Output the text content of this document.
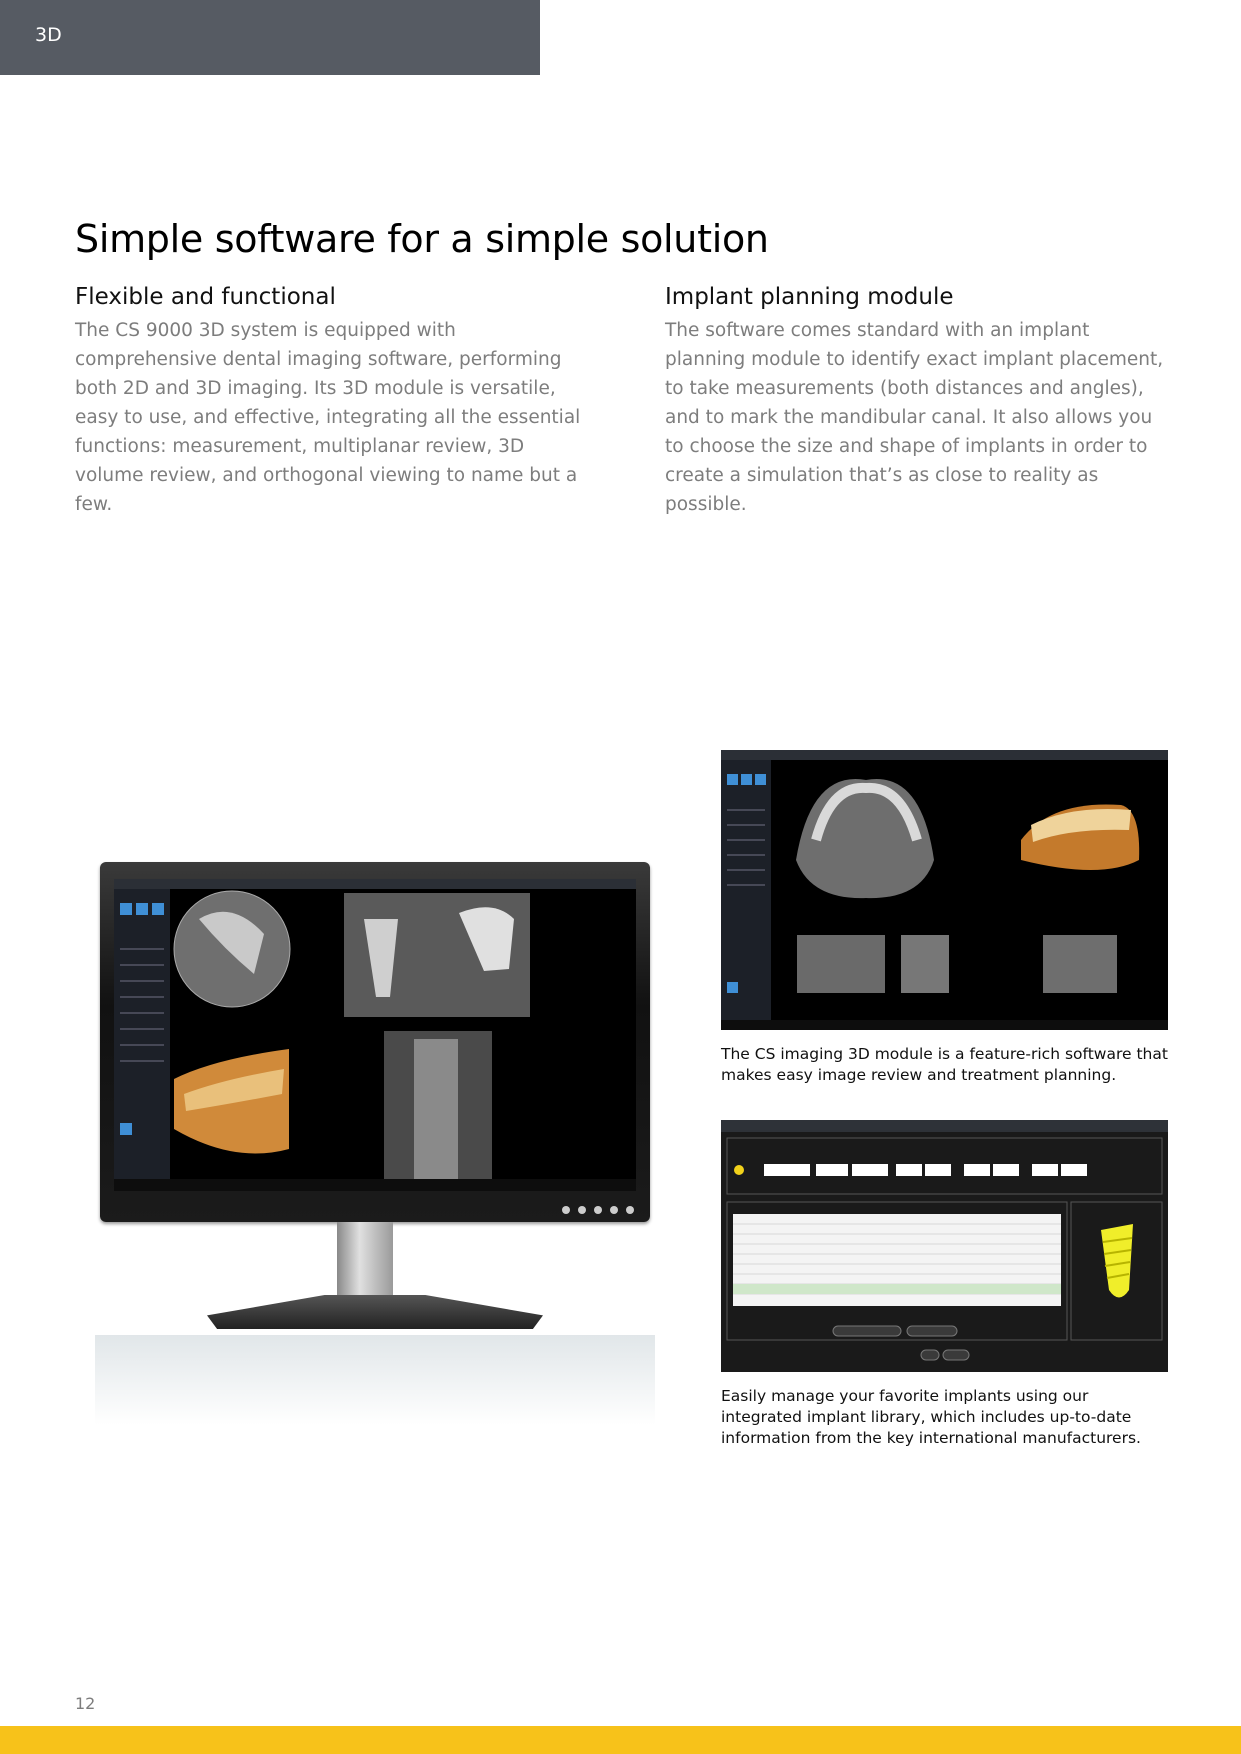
3D
Simple software for a simple solution
Flexible and functional

The CS 9000 3D system is equipped with comprehensive dental imaging software, performing both 2D and 3D imaging. Its 3D module is versatile, easy to use, and effective, integrating all the essential functions: measurement, multiplanar review, 3D volume review, and orthogonal viewing to name but a few.

Implant planning module

The software comes standard with an implant planning module to identify exact implant placement, to take measurements (both distances and angles), and to mark the mandibular canal. It also allows you to choose the size and shape of implants in order to create a simulation that’s as close to reality as possible.

The CS imaging 3D module is a feature-rich software that makes easy image review and treatment planning.

Easily manage your favorite implants using our integrated implant library, which includes up-to-date information from the key international manufacturers.

12
